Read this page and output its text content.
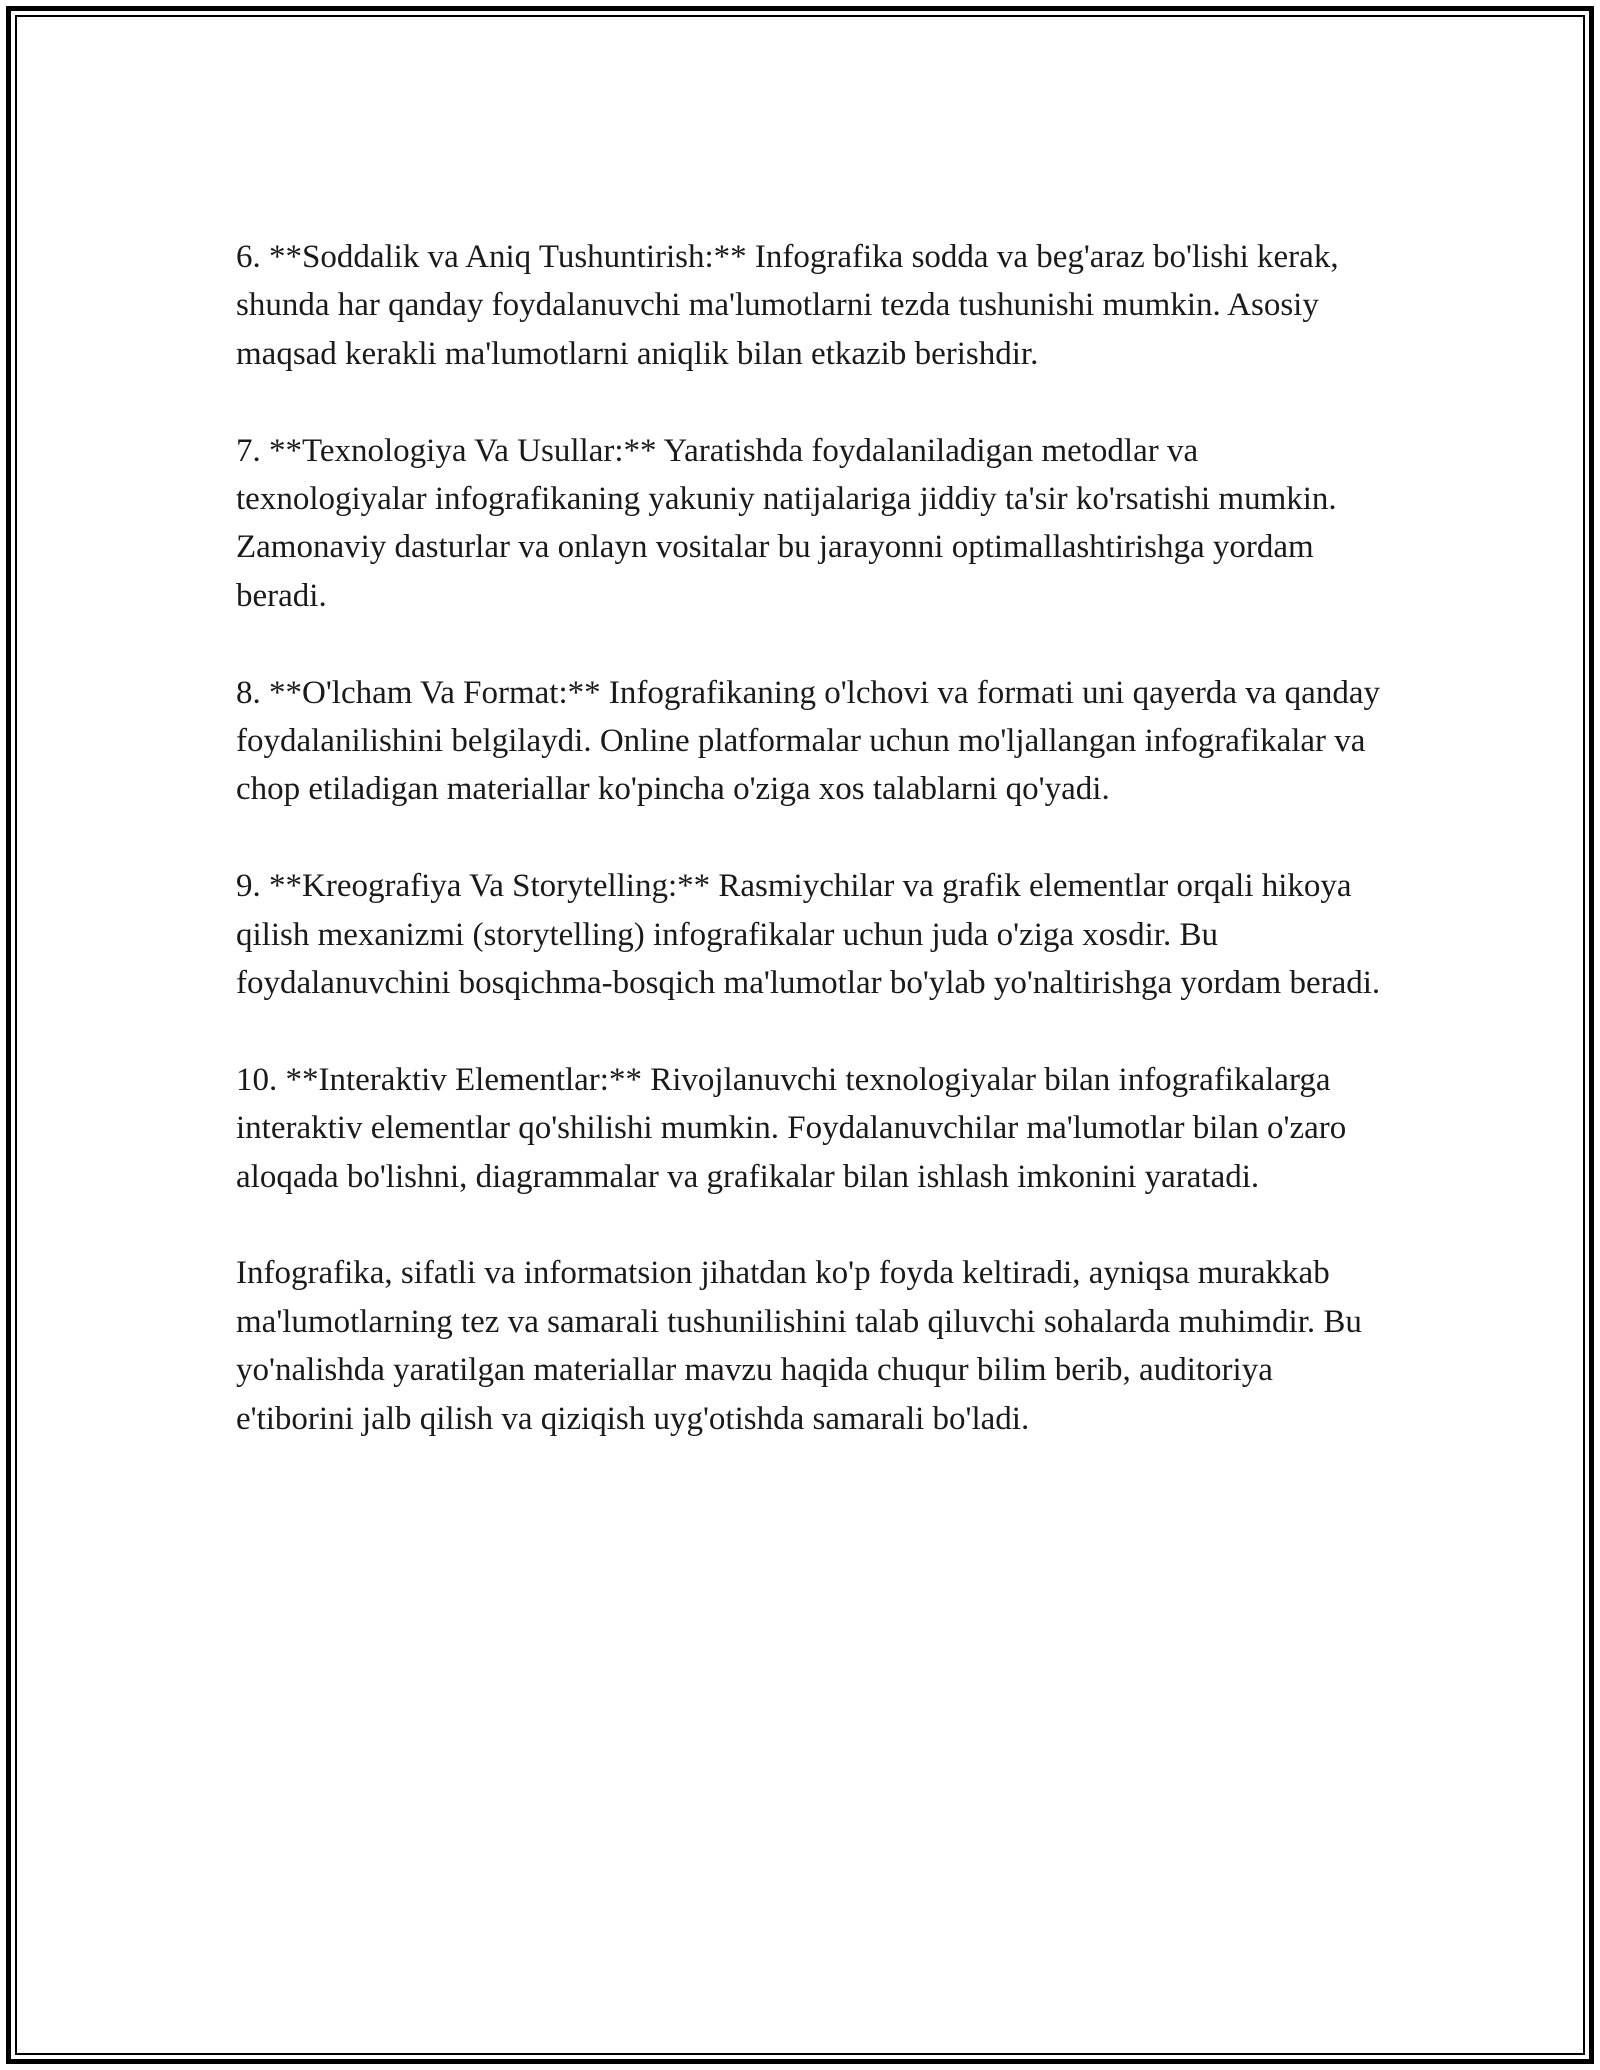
6. **Soddalik va Aniq Tushuntirish:** Infografika sodda va beg'araz bo'lishi kerak, shunda har qanday foydalanuvchi ma'lumotlarni tezda tushunishi mumkin. Asosiy maqsad kerakli ma'lumotlarni aniqlik bilan etkazib berishdir.

7. **Texnologiya Va Usullar:** Yaratishda foydalaniladigan metodlar va texnologiyalar infografikaning yakuniy natijalariga jiddiy ta'sir ko'rsatishi mumkin. Zamonaviy dasturlar va onlayn vositalar bu jarayonni optimallashtirishga yordam beradi.

8. **O'lcham Va Format:** Infografikaning o'lchovi va formati uni qayerda va qanday foydalanilishini belgilaydi. Online platformalar uchun mo'ljallangan infografikalar va chop etiladigan materiallar ko'pincha o'ziga xos talablarni qo'yadi.

9. **Kreografiya Va Storytelling:** Rasmiychilar va grafik elementlar orqali hikoya qilish mexanizmi (storytelling) infografikalar uchun juda o'ziga xosdir. Bu foydalanuvchini bosqichma-bosqich ma'lumotlar bo'ylab yo'naltirishga yordam beradi.

10. **Interaktiv Elementlar:** Rivojlanuvchi texnologiyalar bilan infografikalarga interaktiv elementlar qo'shilishi mumkin. Foydalanuvchilar ma'lumotlar bilan o'zaro aloqada bo'lishni, diagrammalar va grafikalar bilan ishlash imkonini yaratadi.

Infografika, sifatli va informatsion jihatdan ko'p foyda keltiradi, ayniqsa murakkab ma'lumotlarning tez va samarali tushunilishini talab qiluvchi sohalarda muhimdir. Bu yo'nalishda yaratilgan materiallar mavzu haqida chuqur bilim berib, auditoriya e'tiborini jalb qilish va qiziqish uyg'otishda samarali bo'ladi.
